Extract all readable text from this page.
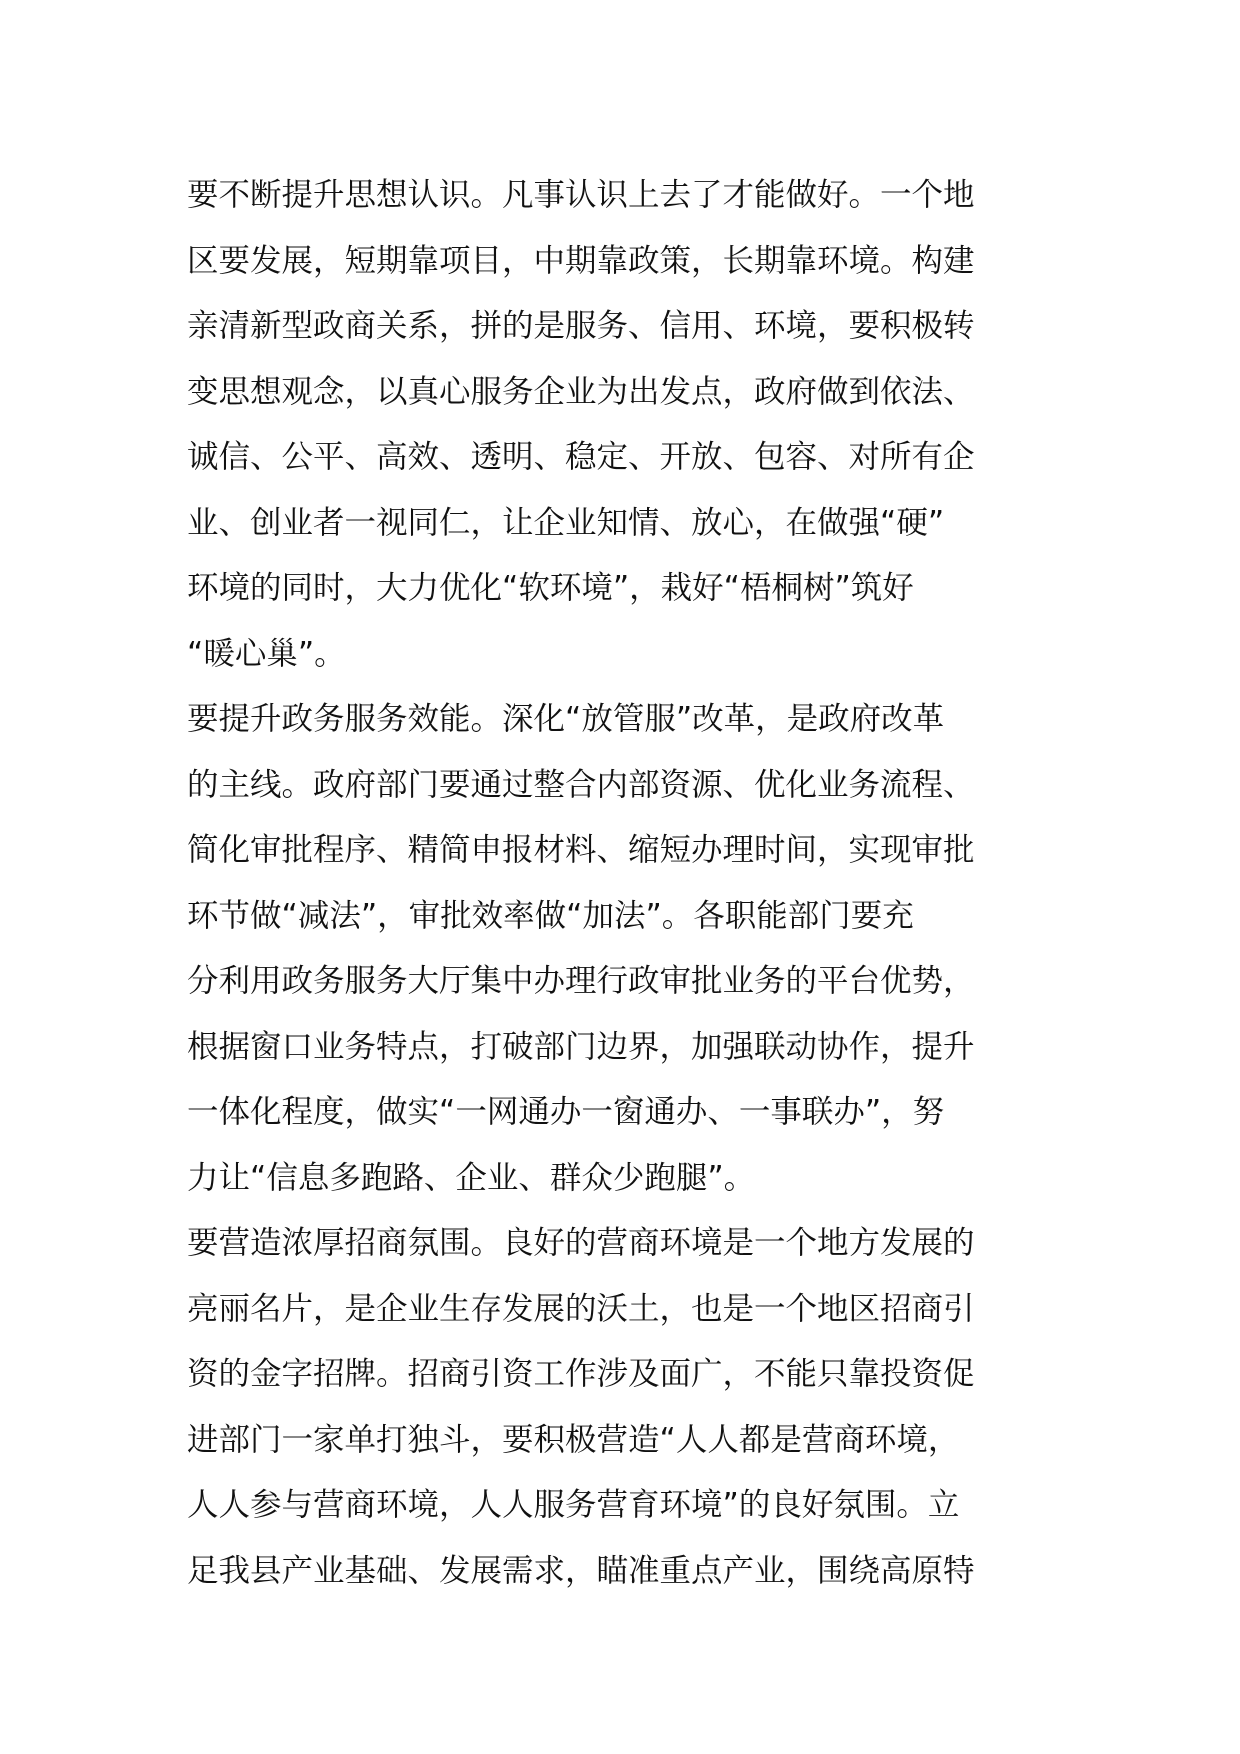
要不断提升思想认识。凡事认识上去了才能做好。一个地
区要发展，短期靠项目，中期靠政策，长期靠环境。构建
亲清新型政商关系，拼的是服务、信用、环境，要积极转
变思想观念，以真心服务企业为出发点，政府做到依法、
诚信、公平、高效、透明、稳定、开放、包容、对所有企
业、创业者一视同仁，让企业知情、放心，在做强“硬”
环境的同时，大力优化“软环境”，栽好“梧桐树”筑好
“暖心巢”。
要提升政务服务效能。深化“放管服”改革，是政府改革
的主线。政府部门要通过整合内部资源、优化业务流程、
简化审批程序、精简申报材料、缩短办理时间，实现审批
环节做“减法”，审批效率做“加法”。各职能部门要充
分利用政务服务大厅集中办理行政审批业务的平台优势，
根据窗口业务特点，打破部门边界，加强联动协作，提升
一体化程度，做实“一网通办一窗通办、一事联办”，努
力让“信息多跑路、企业、群众少跑腿”。
要营造浓厚招商氛围。良好的营商环境是一个地方发展的
亮丽名片，是企业生存发展的沃土，也是一个地区招商引
资的金字招牌。招商引资工作涉及面广，不能只靠投资促
进部门一家单打独斗，要积极营造“人人都是营商环境，
人人参与营商环境，人人服务营育环境”的良好氛围。立
足我县产业基础、发展需求，瞄准重点产业，围绕高原特
